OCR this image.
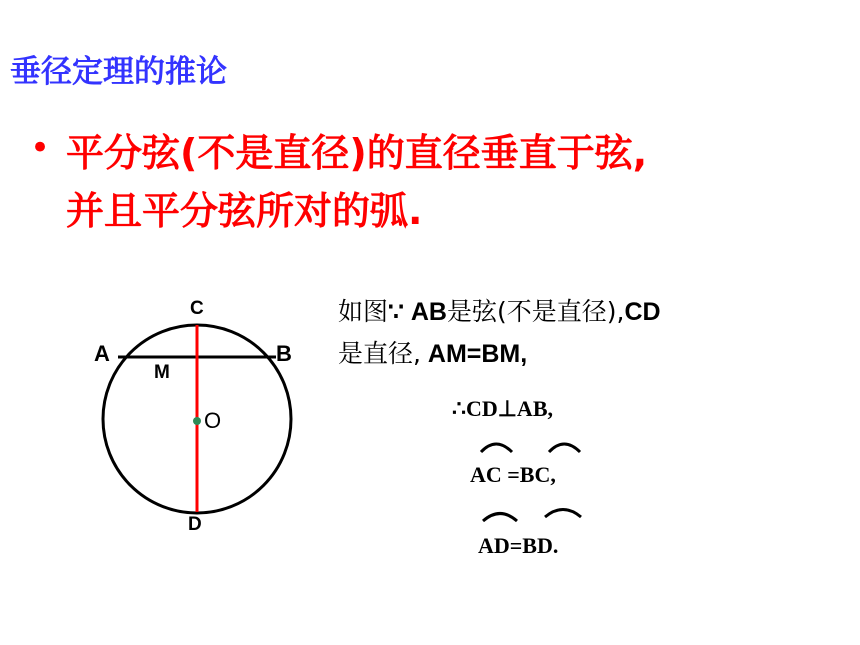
垂径定理的推论
• 平分弦(不是直径)的直径垂直于弦,
并且平分弦所对的弧.
C
A	B
M
O
D
如图∵ AB是弦(不是直径),CD
是直径, AM=BM,
∴CD⊥AB,
AC =BC,
AD=BD.
